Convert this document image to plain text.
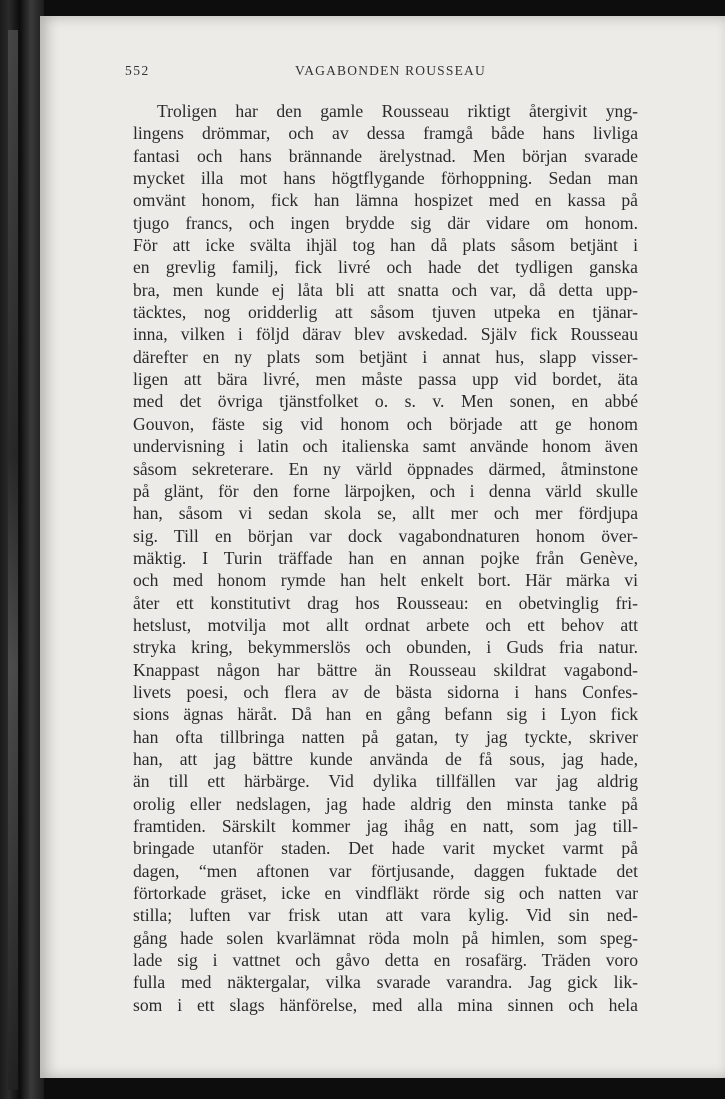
552	VAGABONDEN ROUSSEAU
Troligen har den gamle Rousseau riktigt återgivit yng-
lingens drömmar, och av dessa framgå både hans livliga
fantasi och hans brännande ärelystnad. Men början svarade
mycket illa mot hans högtflygande förhoppning. Sedan man
omvänt honom, fick han lämna hospizet med en kassa på
tjugo francs, och ingen brydde sig där vidare om honom.
För att icke svälta ihjäl tog han då plats såsom betjänt i
en grevlig familj, fick livré och hade det tydligen ganska
bra, men kunde ej låta bli att snatta och var, då detta upp-
täcktes, nog oridderlig att såsom tjuven utpeka en tjänar-
inna, vilken i följd därav blev avskedad. Själv fick Rousseau
därefter en ny plats som betjänt i annat hus, slapp visser-
ligen att bära livré, men måste passa upp vid bordet, äta
med det övriga tjänstfolket o. s. v. Men sonen, en abbé
Gouvon, fäste sig vid honom och började att ge honom
undervisning i latin och italienska samt använde honom även
såsom sekreterare. En ny värld öppnades därmed, åtminstone
på glänt, för den forne lärpojken, och i denna värld skulle
han, såsom vi sedan skola se, allt mer och mer fördjupa
sig. Till en början var dock vagabondnaturen honom över-
mäktig. I Turin träffade han en annan pojke från Genève,
och med honom rymde han helt enkelt bort. Här märka vi
åter ett konstitutivt drag hos Rousseau: en obetvinglig fri-
hetslust, motvilja mot allt ordnat arbete och ett behov att
stryka kring, bekymmerslös och obunden, i Guds fria natur.
Knappast någon har bättre än Rousseau skildrat vagabond-
livets poesi, och flera av de bästa sidorna i hans Confes-
sions ägnas häråt. Då han en gång befann sig i Lyon fick
han ofta tillbringa natten på gatan, ty jag tyckte, skriver
han, att jag bättre kunde använda de få sous, jag hade,
än till ett härbärge. Vid dylika tillfällen var jag aldrig
orolig eller nedslagen, jag hade aldrig den minsta tanke på
framtiden. Särskilt kommer jag ihåg en natt, som jag till-
bringade utanför staden. Det hade varit mycket varmt på
dagen, “men aftonen var förtjusande, daggen fuktade det
förtorkade gräset, icke en vindfläkt rörde sig och natten var
stilla; luften var frisk utan att vara kylig. Vid sin ned-
gång hade solen kvarlämnat röda moln på himlen, som speg-
lade sig i vattnet och gåvo detta en rosafärg. Träden voro
fulla med näktergalar, vilka svarade varandra. Jag gick lik-
som i ett slags hänförelse, med alla mina sinnen och hela
